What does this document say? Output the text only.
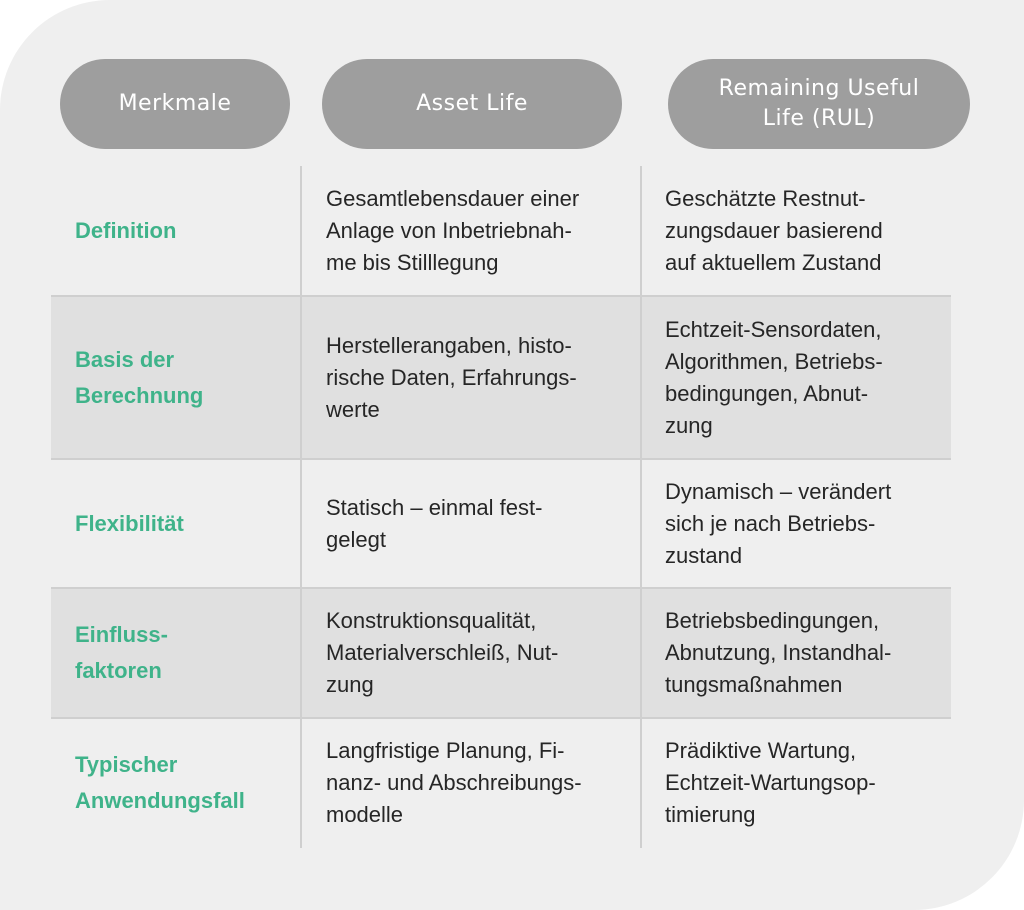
Merkmale	Asset Life
Remaining Useful
Life (RUL)
Definition
Gesamtlebensdauer einer
Anlage von Inbetriebnah-
me bis Stilllegung
Geschätzte Restnut-
zungsdauer basierend
auf aktuellem Zustand
Basis der
Berechnung
Herstellerangaben, histo-
rische Daten, Erfahrungs-
werte
Echtzeit-Sensordaten,
Algorithmen, Betriebs-
bedingungen, Abnut-
zung
Flexibilität
Statisch – einmal fest-
gelegt
Dynamisch – verändert
sich je nach Betriebs-
zustand
Einfluss-
faktoren
Konstruktionsqualität,
Materialverschleiß, Nut-
zung
Betriebsbedingungen,
Abnutzung, Instandhal-
tungsmaßnahmen
Typischer
Anwendungsfall
Langfristige Planung, Fi-
nanz- und Abschreibungs-
modelle
Prädiktive Wartung,
Echtzeit-Wartungsop-
timierung
